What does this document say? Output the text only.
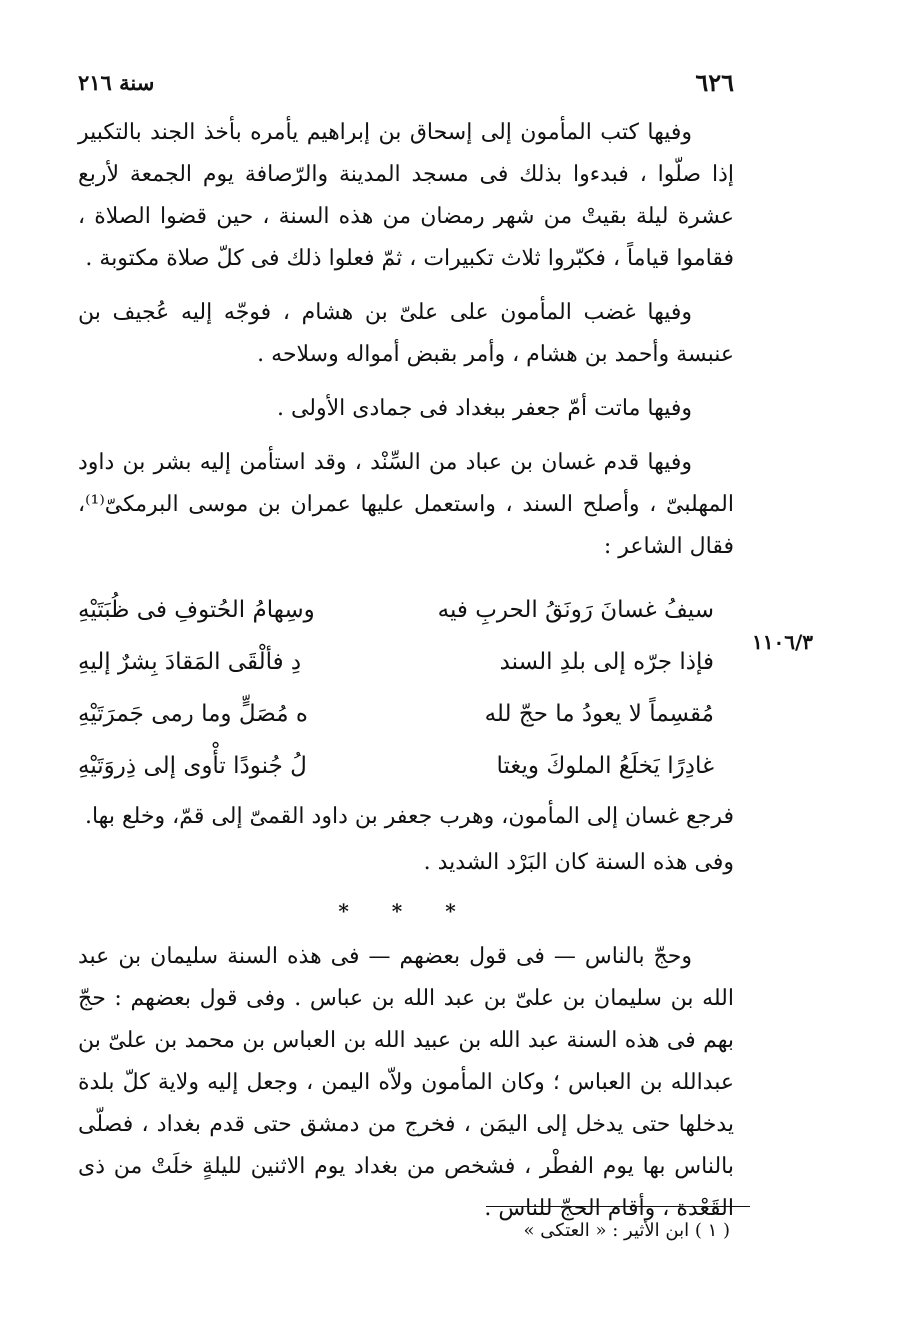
٦٢٦
سنة ٢١٦

وفيها كتب المأمون إلى إسحاق بن إبراهيم يأمره بأخذ الجند بالتكبير إذا صلّوا ، فبدءوا بذلك فى مسجد المدينة والرّصافة يوم الجمعة لأربع عشرة ليلة بقيتْ من شهر رمضان من هذه السنة ، حين قضوا الصلاة ، فقاموا قياماً ، فكبّروا ثلاث تكبيرات ، ثمّ فعلوا ذلك فى كلّ صلاة مكتوبة .

وفيها غضب المأمون على علىّ بن هشام ، فوجّه إليه عُجيف بن عنبسة وأحمد بن هشام ، وأمر بقبض أمواله وسلاحه .

وفيها ماتت أمّ جعفر ببغداد فى جمادى الأولى .

وفيها قدم غسان بن عباد من السِّنْد ، وقد استأمن إليه بشر بن داود المهلبىّ ، وأصلح السند ، واستعمل عليها عمران بن موسى البرمكىّ⁽¹⁾، فقال الشاعر :

سيفُ غسانَ رَونَقُ الحربِ فيه
وسِهامُ الحُتوفِ فى ظُبَتَيْهِ
فإذا جرّه إلى بلدِ السند
دِ فألْقَى المَقادَ بِشرٌ إليهِ
مُقسِماً لا يعودُ ما حجّ لله
ه مُصَلٍّ وما رمى جَمرَتَيْهِ
غادِرًا يَخلَعُ الملوكَ ويغتا
لُ جُنودًا تأْوى إلى ذِروَتَيْهِ

فرجع غسان إلى المأمون، وهرب جعفر بن داود القمىّ إلى قمّ، وخلع بها.

وفى هذه السنة كان البَرْد الشديد .

* * *

وحجّ بالناس — فى قول بعضهم — فى هذه السنة سليمان بن عبد الله بن سليمان بن علىّ بن عبد الله بن عباس . وفى قول بعضهم : حجّ بهم فى هذه السنة عبد الله بن عبيد الله بن العباس بن محمد بن علىّ بن عبدالله بن العباس ؛ وكان المأمون ولاّه اليمن ، وجعل إليه ولاية كلّ بلدة يدخلها حتى يدخل إلى اليمَن ، فخرج من دمشق حتى قدم بغداد ، فصلّى بالناس بها يوم الفطْر ، فشخص من بغداد يوم الاثنين لليلةٍ خلَتْ من ذى القَعْدة ، وأقام الحجّ للناس .

١١٠٦/٣
( ١ ) ابن الأثير : « العتكى »
